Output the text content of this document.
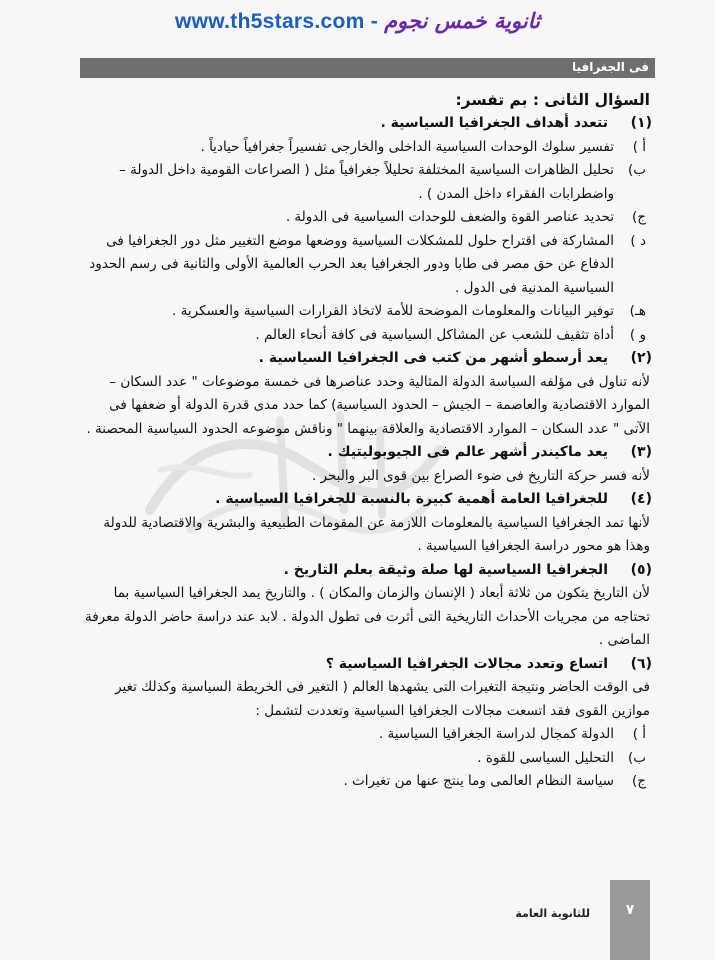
www.th5stars.com - ثانوية خمس نجوم
فى الجغرافيا
السؤال الثانى : بم تفسر:
(١)
تتعدد أهداف الجغرافيا السياسية .
أ )
تفسير سلوك الوحدات السياسية الداخلى والخارجى تفسيراً جغرافياً حيادياً .
ب)
تحليل الظاهرات السياسية المختلفة تحليلاً جغرافياً مثل ( الصراعات القومية داخل الدولة – واضطرابات الفقراء داخل المدن ) .
ج)
تحديد عناصر القوة والضعف للوحدات السياسية فى الدولة .
د )
المشاركة فى اقتراح حلول للمشكلات السياسية ووضعها موضع التغيير مثل دور الجغرافيا فى الدفاع عن حق مصر فى طابا ودور الجغرافيا بعد الحرب العالمية الأولى والثانية فى رسم الحدود السياسية المدنية فى الدول .
هـ)
توفير البيانات والمعلومات الموضحة للأمة لاتخاذ القرارات السياسية والعسكرية .
و )
أداة تثقيف للشعب عن المشاكل السياسية فى كافة أنحاء العالم .
(٢)
يعد أرسطو أشهر من كتب فى الجغرافيا السياسية .
لأنه تناول فى مؤلفه السياسة الدولة المثالية وحدد عناصرها فى خمسة موضوعات " عدد السكان – الموارد الاقتصادية والعاصمة – الجيش – الحدود السياسية) كما حدد مدى قدرة الدولة أو ضعفها فى الآتى " عدد السكان – الموارد الاقتصادية والعلاقة بينهما " وناقش موضوعه الحدود السياسية المحصنة .
(٣)
يعد ماكيندر أشهر عالم فى الجيوبوليتيك .
لأنه فسر حركة التاريخ فى ضوء الصراع بين قوى البر والبحر .
(٤)
للجغرافيا العامة أهمية كبيرة بالنسبة للجغرافيا السياسية .
لأنها تمد الجغرافيا السياسية بالمعلومات اللازمة عن المقومات الطبيعية والبشرية والاقتصادية للدولة وهذا هو محور دراسة الجغرافيا السياسية .
(٥)
الجغرافيا السياسية لها صلة وثيقة بعلم التاريخ .
لأن التاريخ يتكون من ثلاثة أبعاد ( الإنسان والزمان والمكان ) . والتاريخ يمد الجغرافيا السياسية بما تحتاجه من مجريات الأحداث التاريخية التى أثرت فى تطول الدولة . لابد عند دراسة حاضر الدولة معرفة الماضى .
(٦)
اتساع وتعدد مجالات الجغرافيا السياسية ؟
فى الوقت الحاضر ونتيجة التغيرات التى يشهدها العالم ( التغير فى الخريطة السياسية وكذلك تغير موازين القوى فقد اتسعت مجالات الجغرافيا السياسية وتعددت لتشمل :
أ )
الدولة كمجال لدراسة الجغرافيا السياسية .
ب)
التحليل السياسى للقوة .
ج)
سياسة النظام العالمى وما ينتج عنها من تغيرات .
للثانوية العامة	٧
